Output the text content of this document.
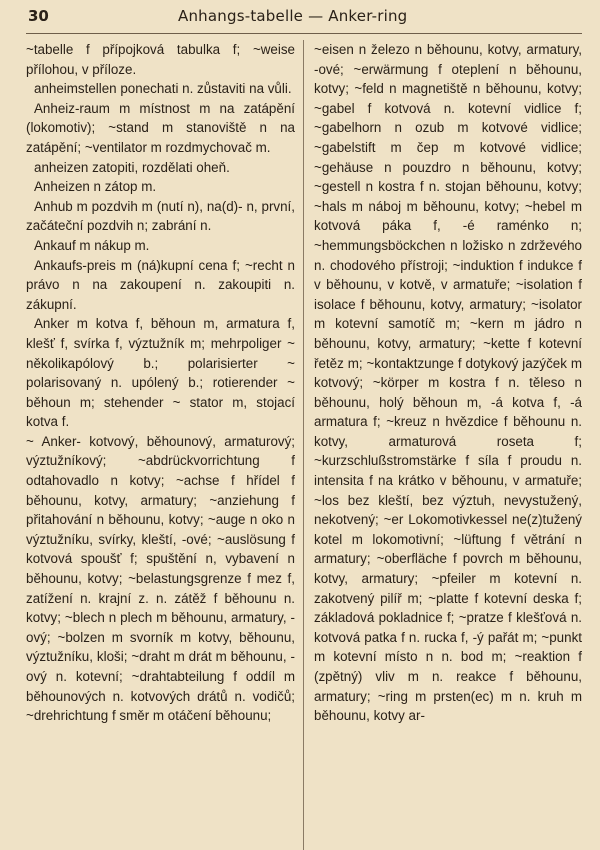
30	Anhangs-tabelle — Anker-ring

~tabelle f přípojková tabulka f; ~weise přílohou, v příloze.

anheimstellen ponechati n. zůstaviti na vůli.

Anheiz-raum m místnost m na zatápění (lokomotiv); ~stand m stanoviště n na zatápění; ~ventilator m rozdmychovač m.

anheizen zatopiti, rozdělati oheň.

Anheizen n zátop m.

Anhub m pozdvih m (nutí n), na(d)- n, první, začáteční pozdvih n; zabrání n.

Ankauf m nákup m.

Ankaufs-preis m (ná)kupní cena f; ~recht n právo n na zakoupení n. zakoupiti n. zákupní.

Anker m kotva f, běhoun m, armatura f, klešť f, svírka f, výztužník m; mehrpoliger ~ několikapólový b.; polarisierter ~ polarisovaný n. upólený b.; rotierender ~ běhoun m; stehender ~ stator m, stojací kotva f.

~ Anker- kotvový, běhounový, armaturový; výztužníkový; ~abdrückvorrichtung f odtahovadlo n kotvy; ~achse f hřídel f běhounu, kotvy, armatury; ~anziehung f přitahování n běhounu, kotvy; ~auge n oko n výztužníku, svírky, kleští, -ové; ~auslösung f kotvová spoušť f; spuštění n, vybavení n běhounu, kotvy; ~belastungsgrenze f mez f, zatížení n. krajní z. n. zátěž f běhounu n. kotvy; ~blech n plech m běhounu, armatury, -ový; ~bolzen m svorník m kotvy, běhounu, výztužníku, kloši; ~draht m drát m běhounu, -ový n. kotevní; ~drahtabteilung f oddíl m běhounových n. kotvových drátů n. vodičů; ~drehrichtung f směr m otáčení běhounu;

~eisen n železo n běhounu, kotvy, armatury, -ové; ~erwärmung f oteplení n běhounu, kotvy; ~feld n magnetiště n běhounu, kotvy; ~gabel f kotvová n. kotevní vidlice f; ~gabelhorn n ozub m kotvové vidlice; ~gabelstift m čep m kotvové vidlice; ~gehäuse n pouzdro n běhounu, kotvy; ~gestell n kostra f n. stojan běhounu, kotvy; ~hals m náboj m běhounu, kotvy; ~hebel m kotvová páka f, -é raménko n; ~hemmungsböckchen n ložisko n zdrževého n. chodového přístroji; ~induktion f indukce f v běhounu, v kotvě, v armatuře; ~isolation f isolace f běhounu, kotvy, armatury; ~isolator m kotevní samotíč m; ~kern m jádro n běhounu, kotvy, armatury; ~kette f kotevní řetěz m; ~kontaktzunge f dotykový jazýček m kotvový; ~körper m kostra f n. těleso n běhounu, holý běhoun m, -á kotva f, -á armatura f; ~kreuz n hvězdice f běhounu n. kotvy, armaturová roseta f; ~kurzschlußstromstärke f síla f proudu n. intensita f na krátko v běhounu, v armatuře; ~los bez kleští, bez výztuh, nevystužený, nekotvený; ~er Lokomotivkessel ne(z)tužený kotel m lokomotivní; ~lüftung f větrání n armatury; ~oberfläche f povrch m běhounu, kotvy, armatury; ~pfeiler m kotevní n. zakotvený pilíř m; ~platte f kotevní deska f; základová pokladnice f; ~pratze f klešťová n. kotvová patka f n. rucka f, -ý pařát m; ~punkt m kotevní místo n n. bod m; ~reaktion f (zpětný) vliv m n. reakce f běhounu, armatury; ~ring m prsten(ec) m n. kruh m běhounu, kotvy ar-
